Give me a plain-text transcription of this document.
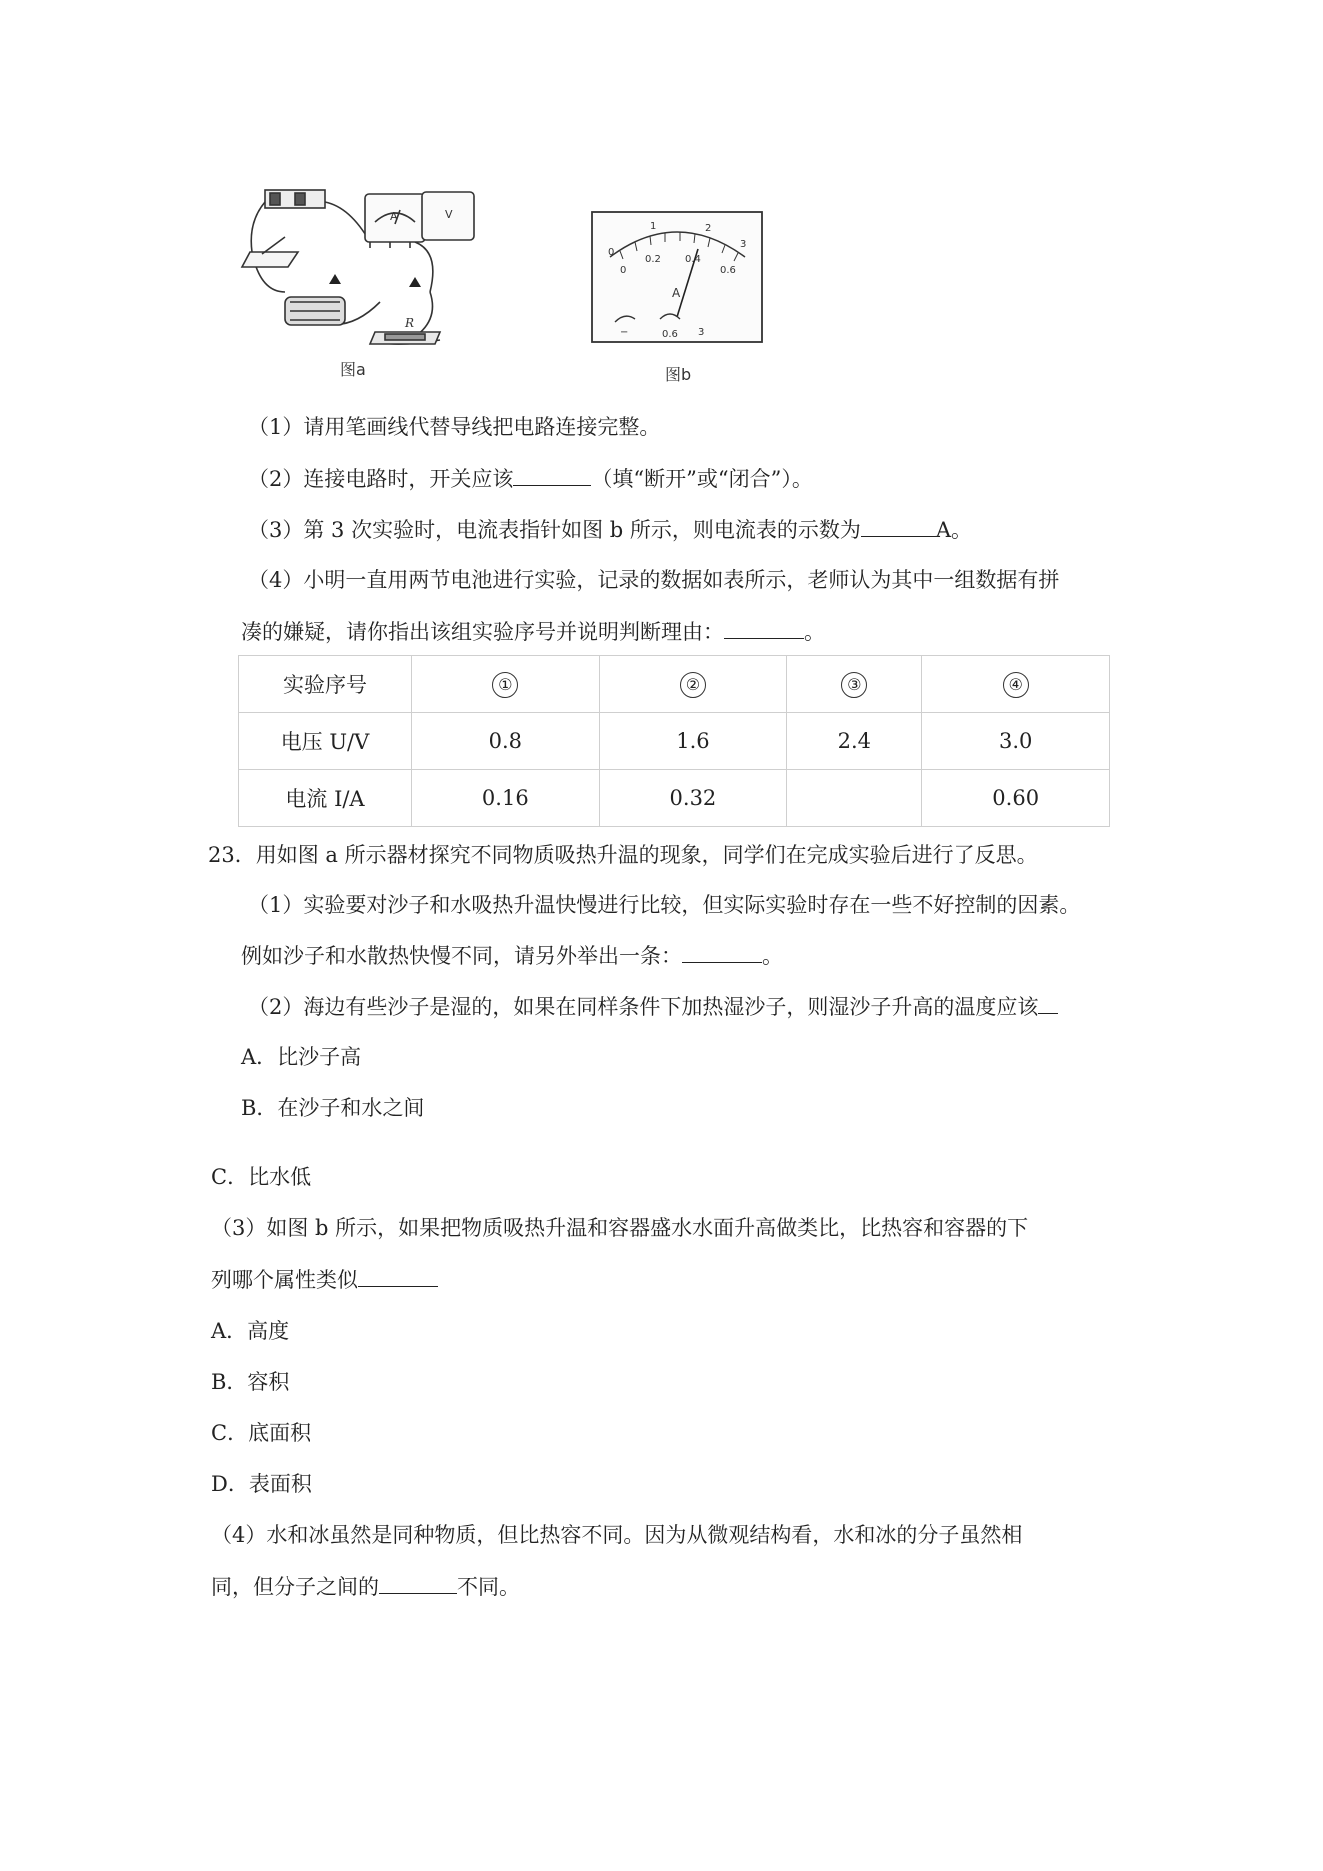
A	V
R
图a
0
1	2
3
0
0.2 0.4
0.6
A
−	0.6 3
图b
（1）请用笔画线代替导线把电路连接完整。
（2）连接电路时，开关应该	（填“断开”或“闭合”）。
（3）第 3 次实验时，电流表指针如图 b 所示，则电流表的示数为	A。
（4）小明一直用两节电池进行实验，记录的数据如表所示，老师认为其中一组数据有拼
凑的嫌疑，请你指出该组实验序号并说明判断理由：	。
实验序号	①	②	③	④
电压 U/V	0.8	1.6	2.4	3.0
电流 I/A	0.16	0.32		0.60
23．用如图 a 所示器材探究不同物质吸热升温的现象，同学们在完成实验后进行了反思。
（1）实验要对沙子和水吸热升温快慢进行比较，但实际实验时存在一些不好控制的因素。
例如沙子和水散热快慢不同，请另外举出一条：	。
（2）海边有些沙子是湿的，如果在同样条件下加热湿沙子，则湿沙子升高的温度应该
A．比沙子高
B．在沙子和水之间
C．比水低
（3）如图 b 所示，如果把物质吸热升温和容器盛水水面升高做类比，比热容和容器的下
列哪个属性类似
A．高度
B．容积
C．底面积
D．表面积
（4）水和冰虽然是同种物质，但比热容不同。因为从微观结构看，水和冰的分子虽然相
同，但分子之间的	不同。
